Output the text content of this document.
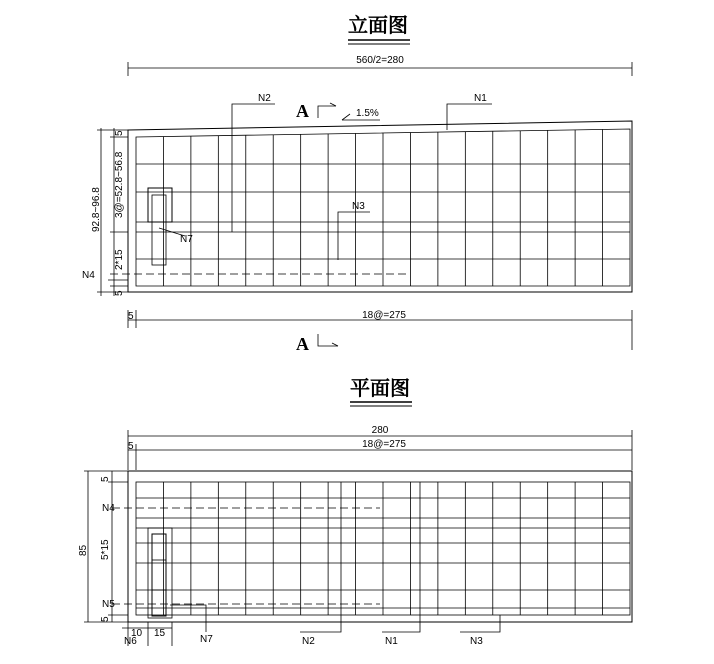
立面图
560/2=280
N4
N7
N2	N1
N3
1.5%
A
A
5
92.8~96.8 3@=52.8~56.8
2*15
5
5	18@=275
平面图
280
5	18@=275
N4
N5
N7	N2	N1	N3
85
5
5*15
5
10 15
N6
